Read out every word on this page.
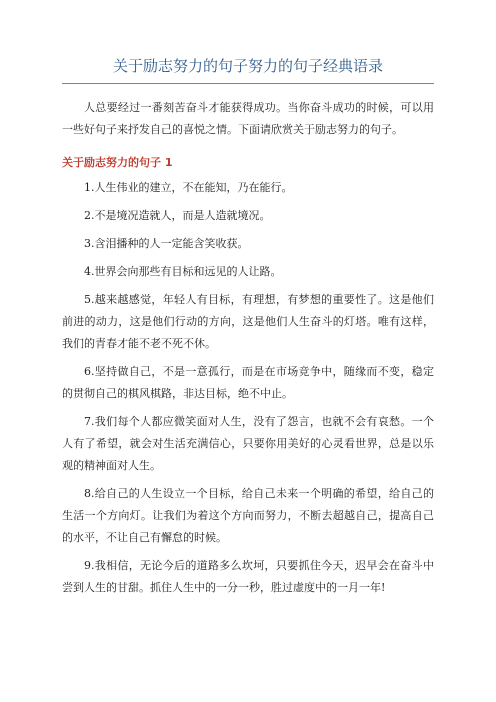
关于励志努力的句子努力的句子经典语录

人总要经过一番刻苦奋斗才能获得成功。当你奋斗成功的时候，可以用一些好句子来抒发自己的喜悦之情。下面请欣赏关于励志努力的句子。

关于励志努力的句子 1
1.人生伟业的建立，不在能知，乃在能行。
2.不是境况造就人，而是人造就境况。
3.含泪播种的人一定能含笑收获。
4.世界会向那些有目标和远见的人让路。
5.越来越感觉，年轻人有目标，有理想，有梦想的重要性了。这是他们前进的动力，这是他们行动的方向，这是他们人生奋斗的灯塔。唯有这样，我们的青春才能不老不死不休。
6.坚持做自己，不是一意孤行，而是在市场竞争中，随缘而不变，稳定的贯彻自己的棋风棋路，非达目标，绝不中止。
7.我们每个人都应微笑面对人生，没有了怨言，也就不会有哀愁。一个人有了希望，就会对生活充满信心，只要你用美好的心灵看世界，总是以乐观的精神面对人生。
8.给自己的人生设立一个目标，给自己未来一个明确的希望，给自己的生活一个方向灯。让我们为着这个方向而努力，不断去超越自己，提高自己的水平，不让自己有懈怠的时候。
9.我相信，无论今后的道路多么坎坷，只要抓住今天，迟早会在奋斗中尝到人生的甘甜。抓住人生中的一分一秒，胜过虚度中的一月一年!
